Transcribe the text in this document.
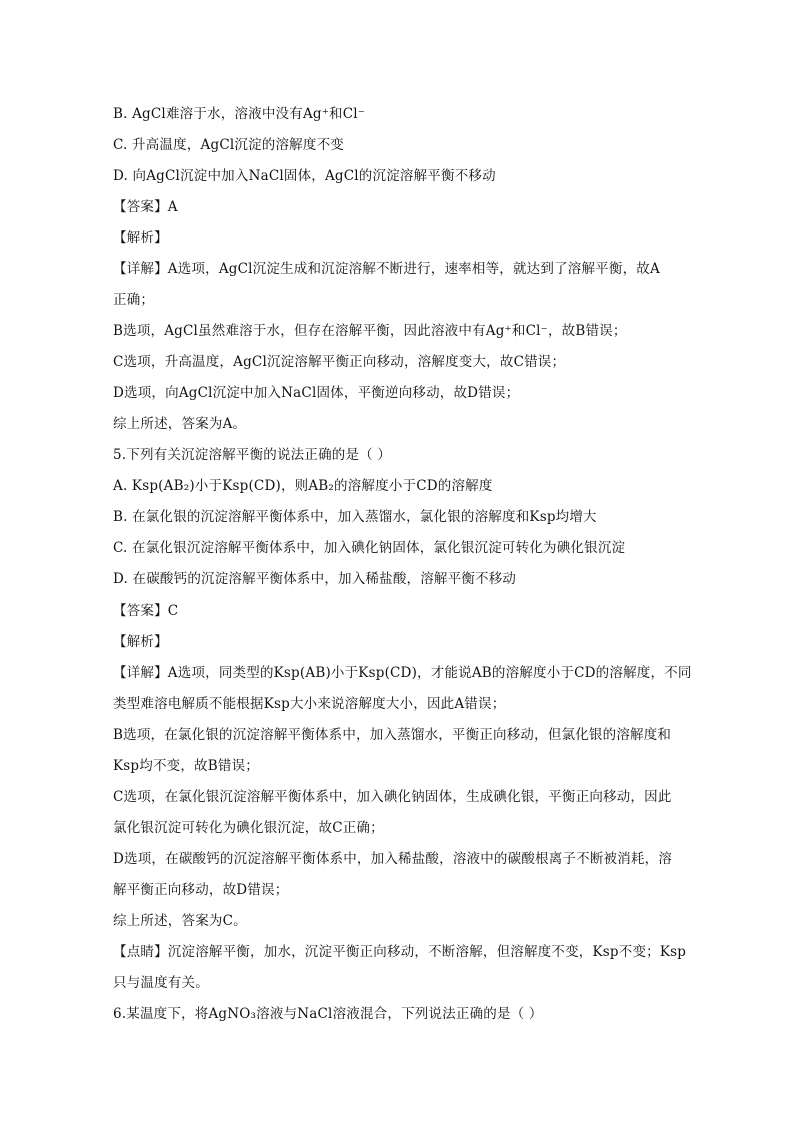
B. AgCl难溶于水，溶液中没有Ag⁺和Cl⁻
C. 升高温度，AgCl沉淀的溶解度不变
D. 向AgCl沉淀中加入NaCl固体，AgCl的沉淀溶解平衡不移动
【答案】A
【解析】
【详解】A选项，AgCl沉淀生成和沉淀溶解不断进行，速率相等，就达到了溶解平衡，故A
正确；
B选项，AgCl虽然难溶于水，但存在溶解平衡，因此溶液中有Ag⁺和Cl⁻，故B错误；
C选项，升高温度，AgCl沉淀溶解平衡正向移动，溶解度变大，故C错误；
D选项，向AgCl沉淀中加入NaCl固体，平衡逆向移动，故D错误；
综上所述，答案为A。
5.下列有关沉淀溶解平衡的说法正确的是（ ）
A. Ksp(AB₂)小于Ksp(CD)，则AB₂的溶解度小于CD的溶解度
B. 在氯化银的沉淀溶解平衡体系中，加入蒸馏水，氯化银的溶解度和Ksp均增大
C. 在氯化银沉淀溶解平衡体系中，加入碘化钠固体，氯化银沉淀可转化为碘化银沉淀
D. 在碳酸钙的沉淀溶解平衡体系中，加入稀盐酸，溶解平衡不移动
【答案】C
【解析】
【详解】A选项，同类型的Ksp(AB)小于Ksp(CD)，才能说AB的溶解度小于CD的溶解度，不同
类型难溶电解质不能根据Ksp大小来说溶解度大小，因此A错误；
B选项，在氯化银的沉淀溶解平衡体系中，加入蒸馏水，平衡正向移动，但氯化银的溶解度和
Ksp均不变，故B错误；
C选项，在氯化银沉淀溶解平衡体系中，加入碘化钠固体，生成碘化银，平衡正向移动，因此
氯化银沉淀可转化为碘化银沉淀，故C正确；
D选项，在碳酸钙的沉淀溶解平衡体系中，加入稀盐酸，溶液中的碳酸根离子不断被消耗，溶
解平衡正向移动，故D错误；
综上所述，答案为C。
【点睛】沉淀溶解平衡，加水，沉淀平衡正向移动，不断溶解，但溶解度不变，Ksp不变；Ksp
只与温度有关。
6.某温度下，将AgNO₃溶液与NaCl溶液混合，下列说法正确的是（ ）
